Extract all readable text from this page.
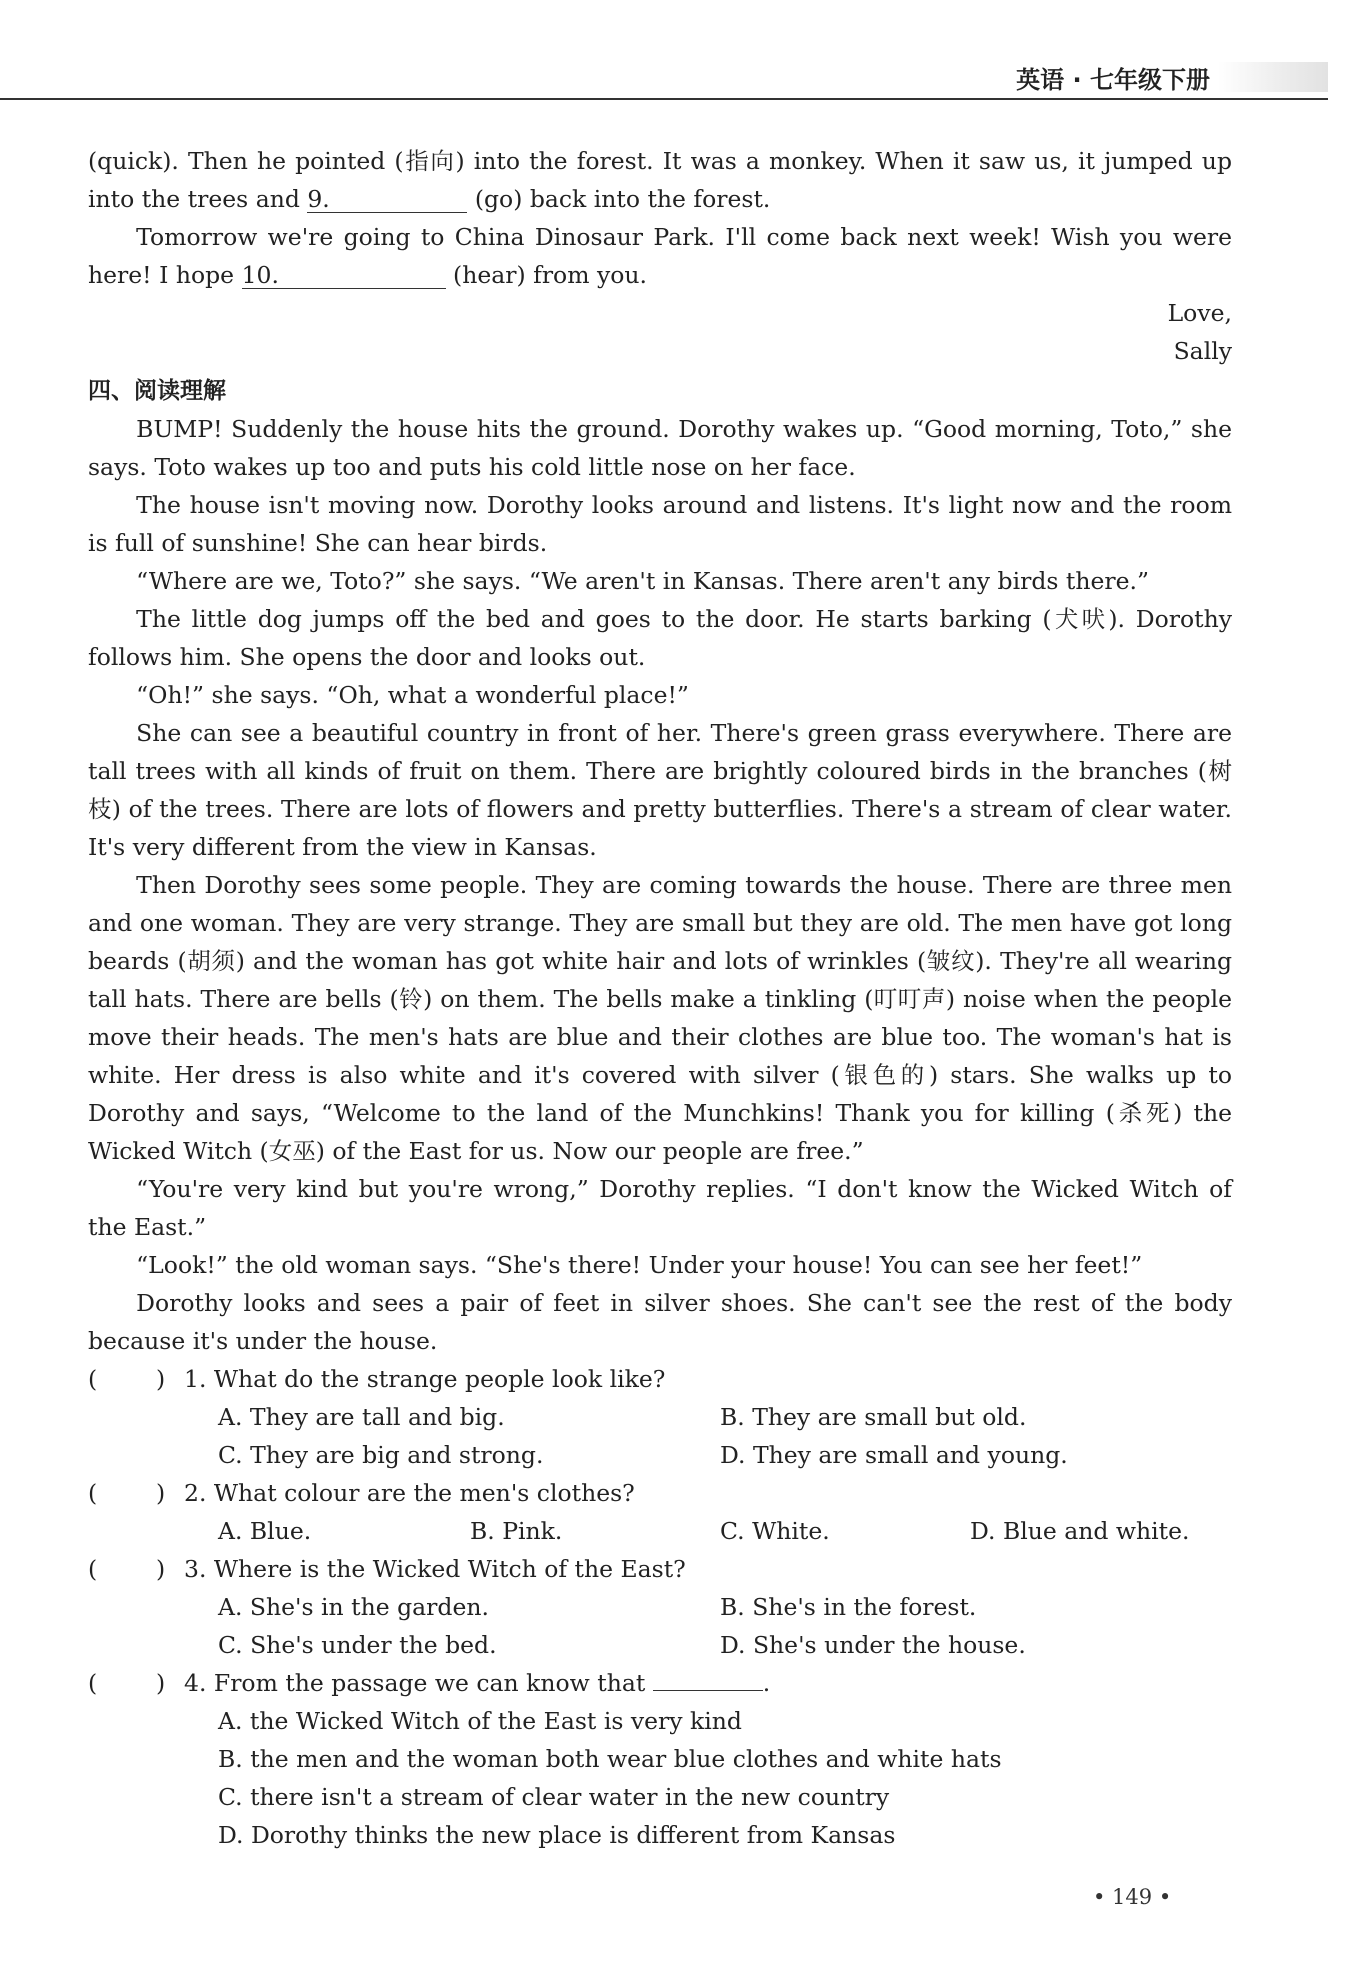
英语 · 七年级下册

(quick). Then he pointed (指向) into the forest. It was a monkey. When it saw us, it jumped up into the trees and 9.	(go) back into the forest.

Tomorrow we're going to China Dinosaur Park. I'll come back next week! Wish you were here! I hope 10.	(hear) from you.

Love,

Sally

四、阅读理解

BUMP! Suddenly the house hits the ground. Dorothy wakes up. “Good morning, Toto,” she says. Toto wakes up too and puts his cold little nose on her face.

The house isn't moving now. Dorothy looks around and listens. It's light now and the room is full of sunshine! She can hear birds.

“Where are we, Toto?” she says. “We aren't in Kansas. There aren't any birds there.”

The little dog jumps off the bed and goes to the door. He starts barking (犬吠). Dorothy follows him. She opens the door and looks out.

“Oh!” she says. “Oh, what a wonderful place!”

She can see a beautiful country in front of her. There's green grass everywhere. There are tall trees with all kinds of fruit on them. There are brightly coloured birds in the branches (树枝) of the trees. There are lots of flowers and pretty butterflies. There's a stream of clear water. It's very different from the view in Kansas.

Then Dorothy sees some people. They are coming towards the house. There are three men and one woman. They are very strange. They are small but they are old. The men have got long beards (胡须) and the woman has got white hair and lots of wrinkles (皱纹). They're all wearing tall hats. There are bells (铃) on them. The bells make a tinkling (叮叮声) noise when the people move their heads. The men's hats are blue and their clothes are blue too. The woman's hat is white. Her dress is also white and it's covered with silver (银色的) stars. She walks up to Dorothy and says, “Welcome to the land of the Munchkins! Thank you for killing (杀死) the Wicked Witch (女巫) of the East for us. Now our people are free.”

“You're very kind but you're wrong,” Dorothy replies. “I don't know the Wicked Witch of the East.”

“Look!” the old woman says. “She's there! Under your house! You can see her feet!”

Dorothy looks and sees a pair of feet in silver shoes. She can't see the rest of the body because it's under the house.

(	) 1. What do the strange people look like?
A. They are tall and big.	B. They are small but old.
C. They are big and strong.	D. They are small and young.
(	) 2. What colour are the men's clothes?
A. Blue.	B. Pink.	C. White.	D. Blue and white.
(	) 3. Where is the Wicked Witch of the East?
A. She's in the garden.	B. She's in the forest.
C. She's under the bed.	D. She's under the house.
(	) 4. From the passage we can know that	.
A. the Wicked Witch of the East is very kind
B. the men and the woman both wear blue clothes and white hats
C. there isn't a stream of clear water in the new country
D. Dorothy thinks the new place is different from Kansas
• 149 •
